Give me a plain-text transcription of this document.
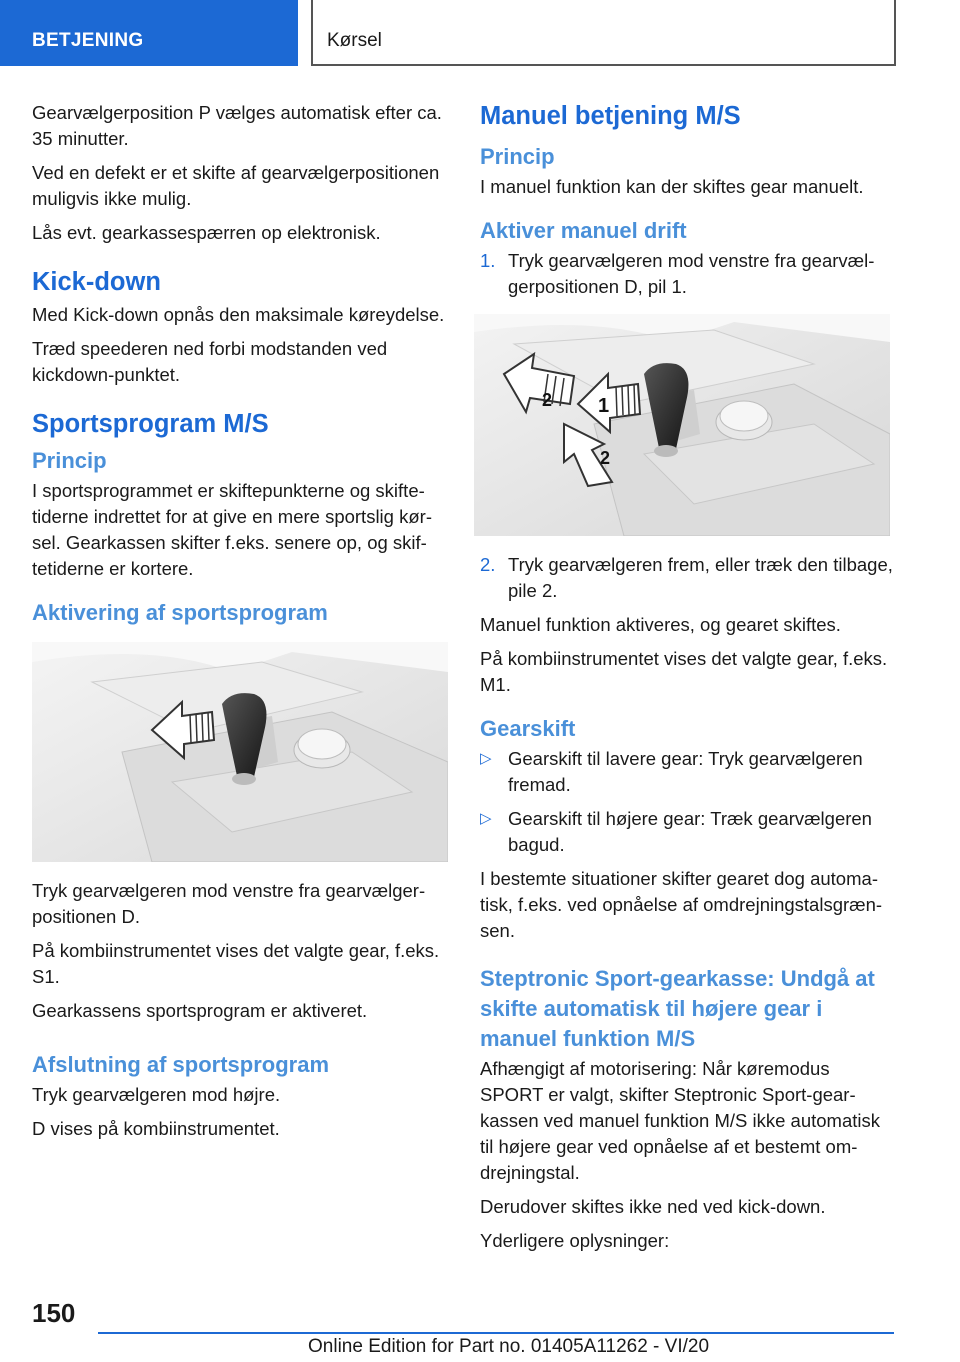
BETJENING	Kørsel

Gearvælgerposition P vælges automatisk efter ca. 35 minutter.

Ved en defekt er et skifte af gearvælgerpositionen muligvis ikke mulig.

Lås evt. gearkassespærren op elektronisk.

Kick-down

Med Kick-down opnås den maksimale køreydelse.

Træd speederen ned forbi modstanden ved kickdown-punktet.

Sportsprogram M/S
Princip

I sportsprogrammet er skiftepunkterne og skiftetiderne indrettet for at give en mere sportslig kørsel. Gearkassen skifter f.eks. senere op, og skiftetiderne er kortere.

Aktivering af sportsprogram

Tryk gearvælgeren mod venstre fra gearvælgerpositionen D.

På kombiinstrumentet vises det valgte gear, f.eks. S1.

Gearkassens sportsprogram er aktiveret.

Afslutning af sportsprogram

Tryk gearvælgeren mod højre.

D vises på kombiinstrumentet.

Manuel betjening M/S
Princip

I manuel funktion kan der skiftes gear manuelt.

Aktiver manuel drift
1. Tryk gearvælgeren mod venstre fra gearvælgerpositionen D, pil 1.
1
2
2
2. Tryk gearvælgeren frem, eller træk den tilbage, pile 2.

Manuel funktion aktiveres, og gearet skiftes.

På kombiinstrumentet vises det valgte gear, f.eks. M1.

Gearskift
▷ Gearskift til lavere gear: Tryk gearvælgeren fremad.
▷ Gearskift til højere gear: Træk gearvælgeren bagud.

I bestemte situationer skifter gearet dog automatisk, f.eks. ved opnåelse af omdrejningstalsgrænsen.

Steptronic Sport-gearkasse: Undgå at skifte automatisk til højere gear i manuel funktion M/S

Afhængigt af motorisering: Når køremodus SPORT er valgt, skifter Steptronic Sport-gearkassen ved manuel funktion M/S ikke automatisk til højere gear ved opnåelse af et bestemt omdrejningstal.

Derudover skiftes ikke ned ved kick-down.

Yderligere oplysninger:

150
Online Edition for Part no. 01405A11262 - VI/20
